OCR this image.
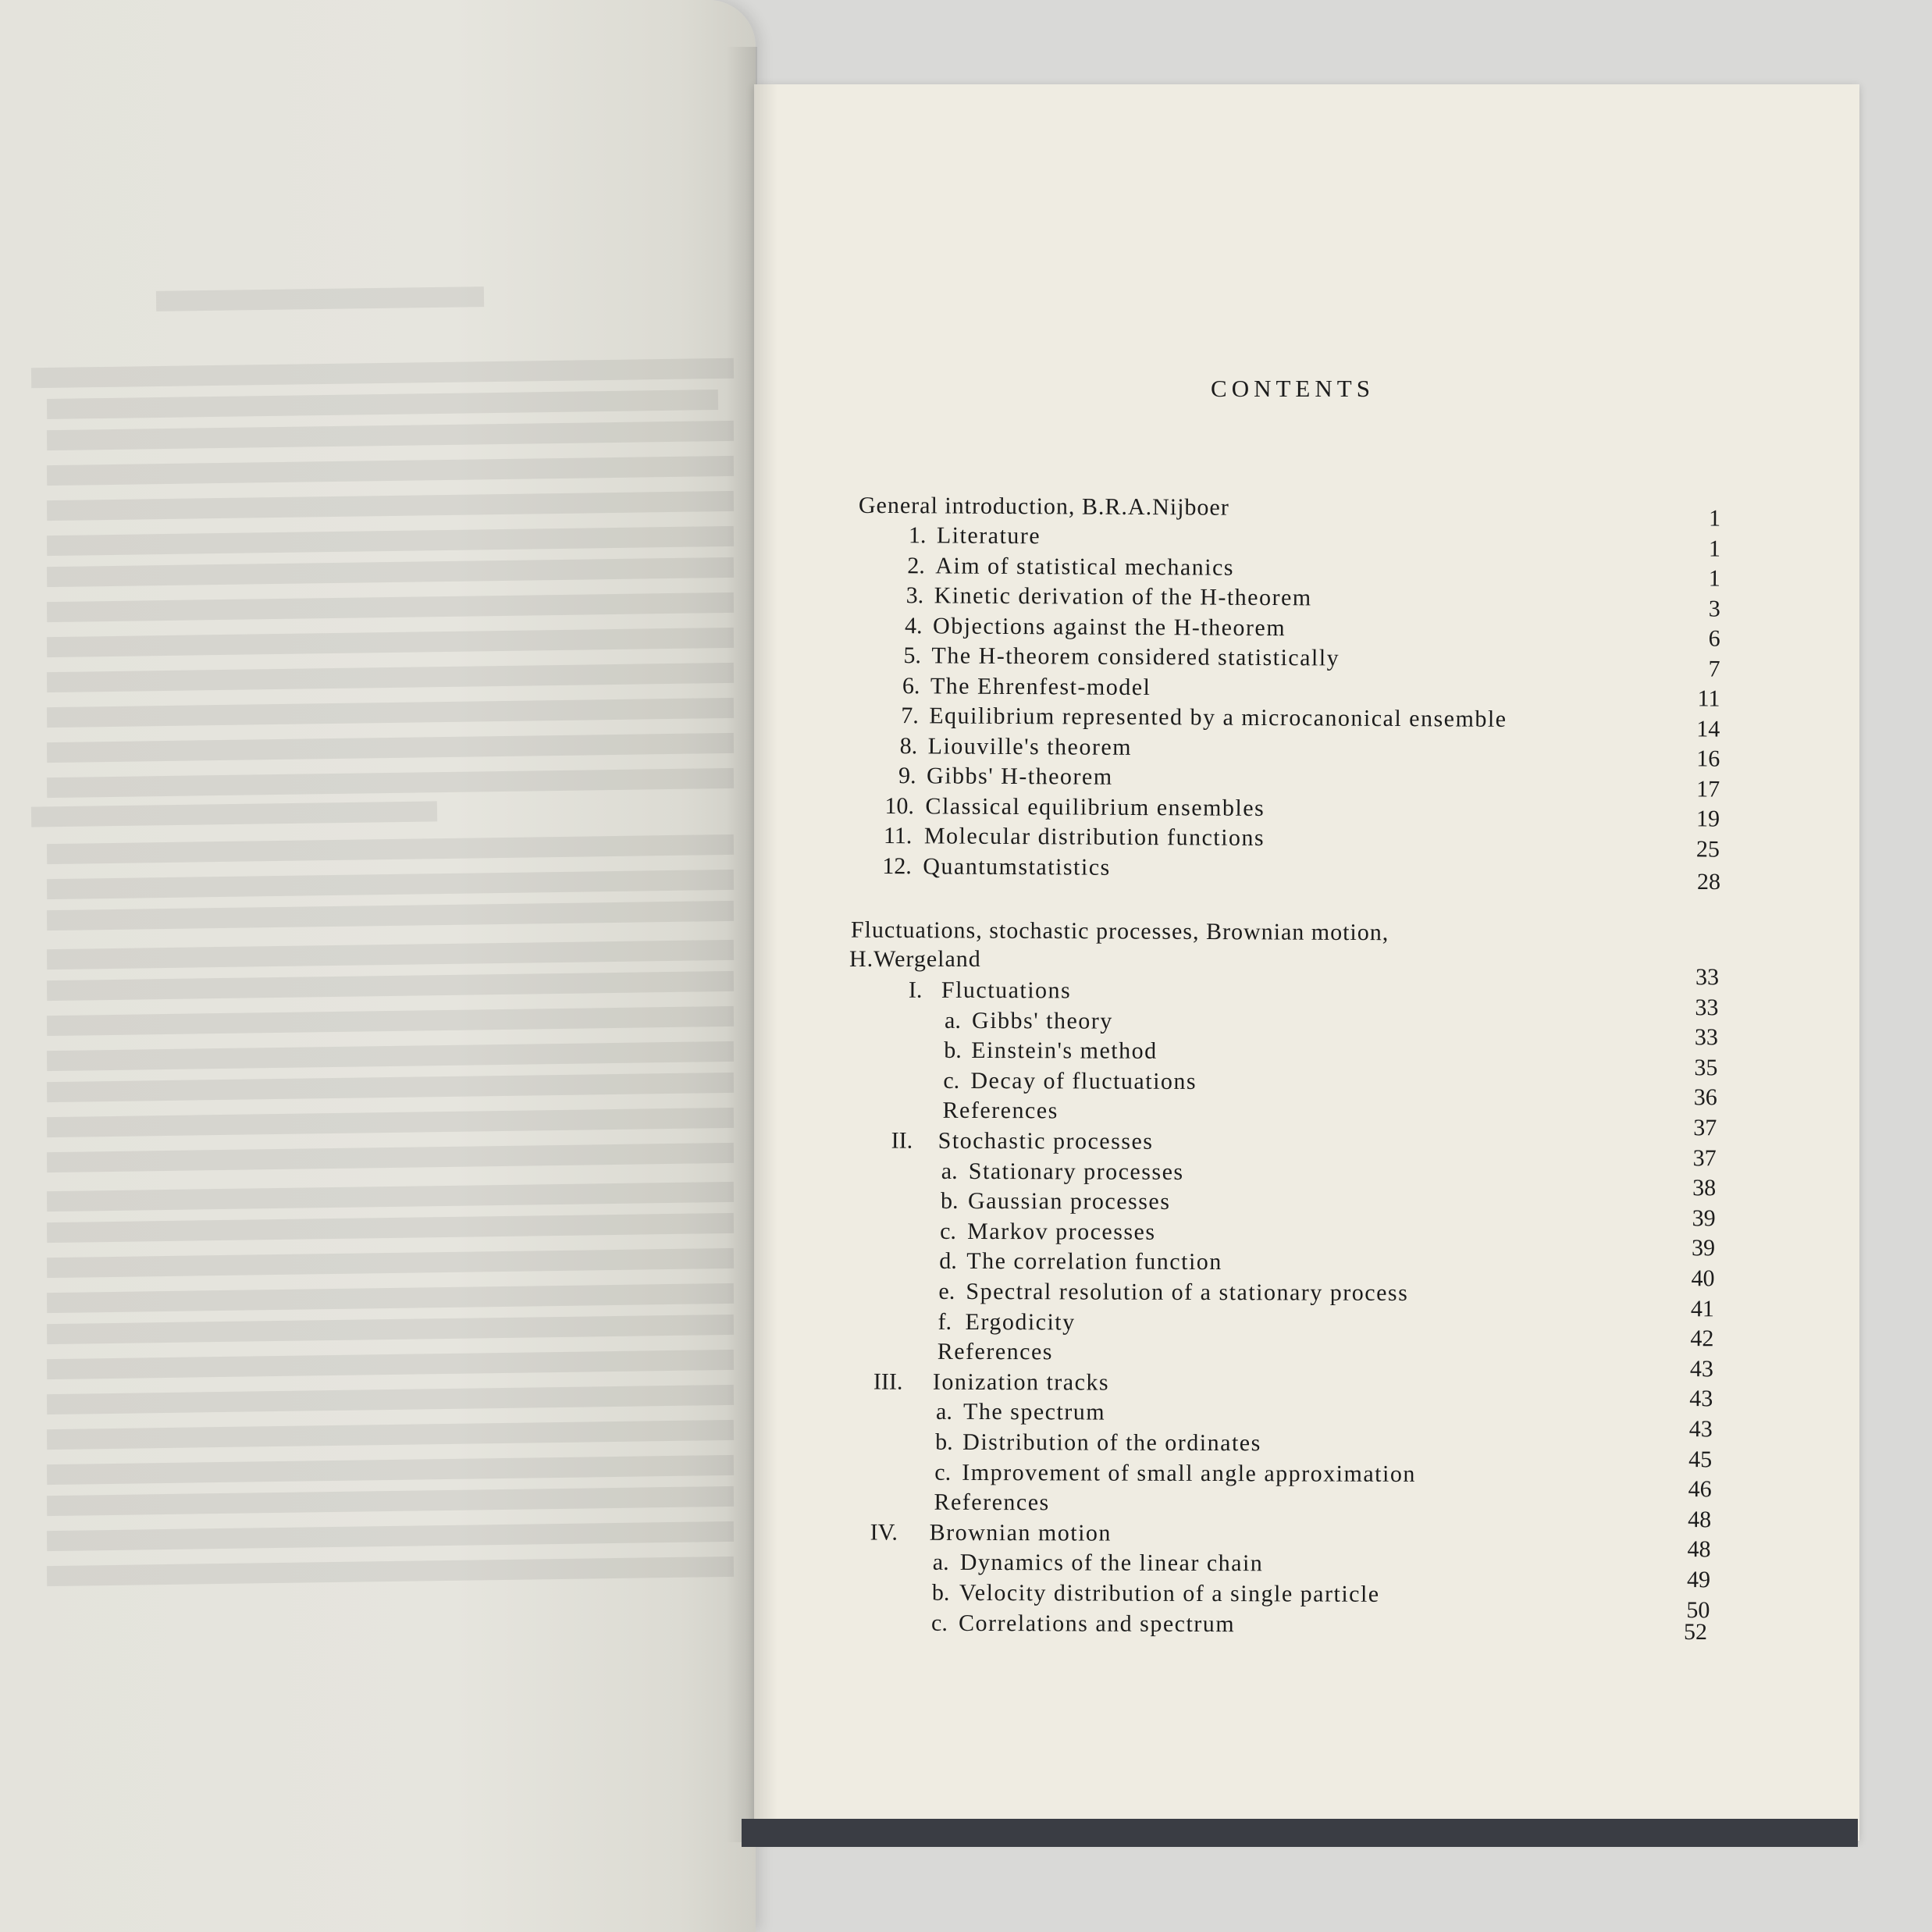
CONTENTS
General introduction, B.R.A.Nijboer
1. Literature
1
2. Aim of statistical mechanics
1
3. Kinetic derivation of the H-theorem
1
4. Objections against the H-theorem
3
5. The H-theorem considered statistically
6
6. The Ehrenfest-model
7
7. Equilibrium represented by a microcanonical ensemble
11
8. Liouville's theorem
14
9. Gibbs' H-theorem
16
10. Classical equilibrium ensembles
17
11. Molecular distribution functions
19
12. Quantumstatistics
25
28
Fluctuations, stochastic processes, Brownian motion,
H.Wergeland
I. Fluctuations
33
a. Gibbs' theory
33
b. Einstein's method
33
c. Decay of fluctuations
35
References
36
II. Stochastic processes
37
a. Stationary processes
37
b. Gaussian processes
38
c. Markov processes
39
d. The correlation function
39
e. Spectral resolution of a stationary process
40
f. Ergodicity
41
References
42
III. Ionization tracks
43
a. The spectrum
43
b. Distribution of the ordinates
43
c. Improvement of small angle approximation
45
References
46
IV. Brownian motion
48
a. Dynamics of the linear chain
48
b. Velocity distribution of a single particle
49
c. Correlations and spectrum
50
52
